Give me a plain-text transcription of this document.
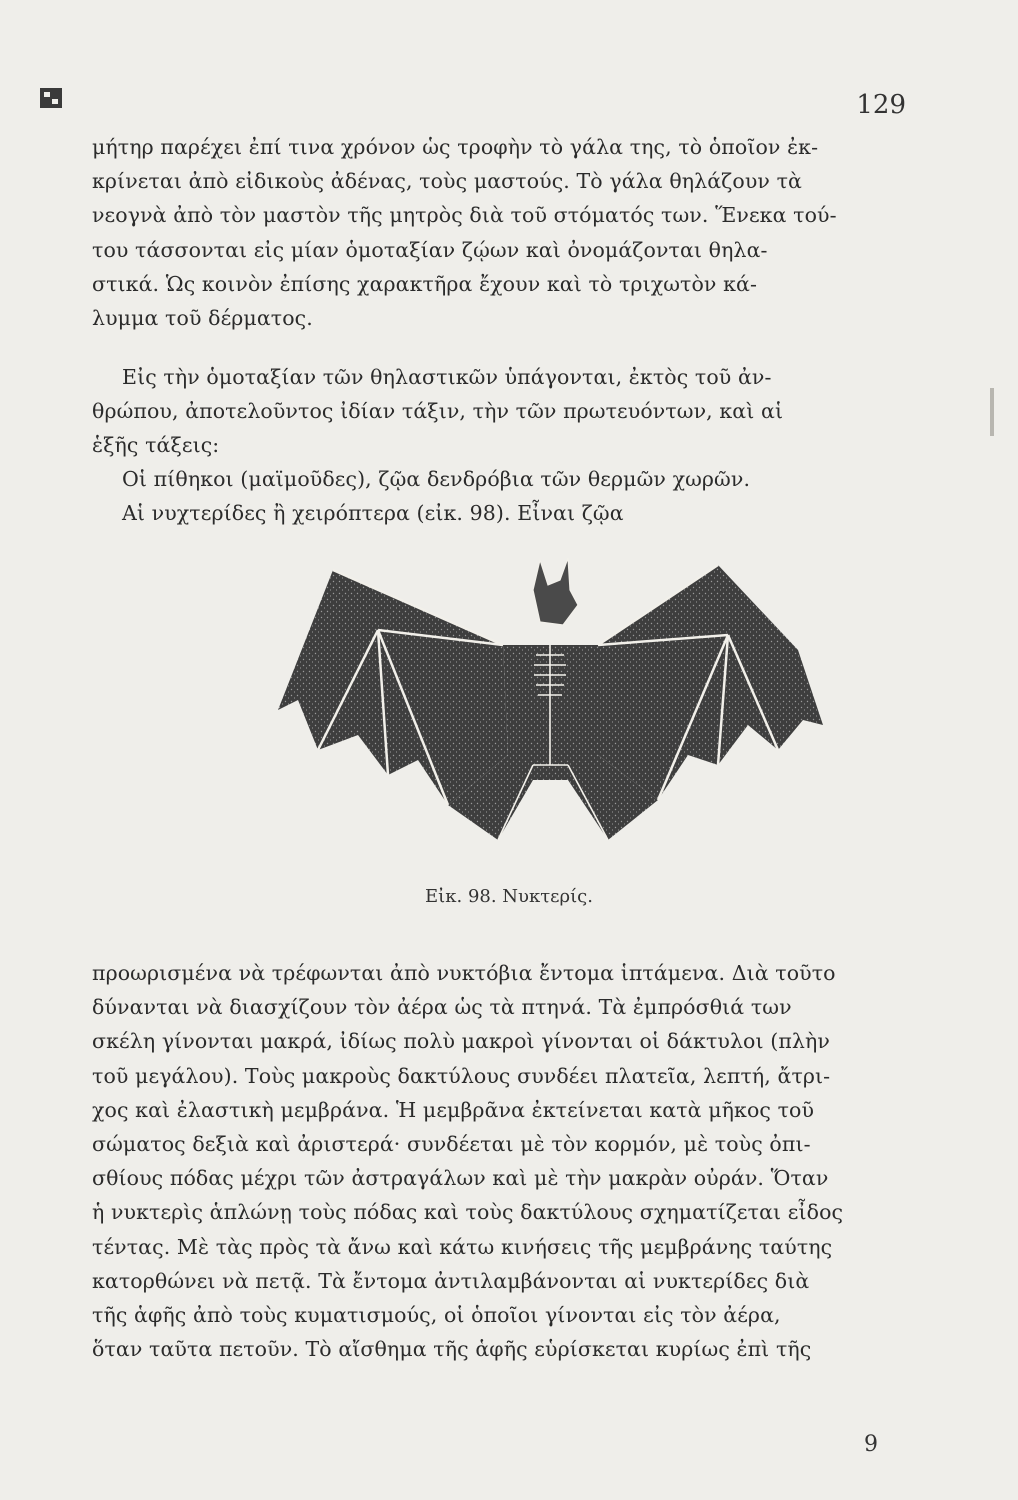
129
μήτηρ παρέχει ἐπί τινα χρόνον ὡς τροφὴν τὸ γάλα της, τὸ ὁποῖον ἐκ-
κρίνεται ἀπὸ εἰδικοὺς ἀδένας, τοὺς μαστούς. Τὸ γάλα θηλάζουν τὰ
νεογνὰ ἀπὸ τὸν μαστὸν τῆς μητρὸς διὰ τοῦ στόματός των. Ἕνεκα τού-
του τάσσονται εἰς μίαν ὁμοταξίαν ζῴων καὶ ὀνομάζονται θηλα-
στικά. Ὡς κοινὸν ἐπίσης χαρακτῆρα ἔχουν καὶ τὸ τριχωτὸν κά-
λυμμα τοῦ δέρματος.
Εἰς τὴν ὁμοταξίαν τῶν θηλαστικῶν ὑπάγονται, ἐκτὸς τοῦ ἀν-
θρώπου, ἀποτελοῦντος ἰδίαν τάξιν, τὴν τῶν πρωτευόντων, καὶ αἱ
ἑξῆς τάξεις:
Οἱ πίθηκοι (μαϊμοῦδες), ζῷα δενδρόβια τῶν θερμῶν χωρῶν.
Αἱ νυχτερίδες ἢ χειρόπτερα (εἰκ. 98). Εἶναι ζῷα
Εἰκ. 98. Νυκτερίς.
προωρισμένα νὰ τρέφωνται ἀπὸ νυκτόβια ἔντομα ἱπτάμενα. Διὰ τοῦτο
δύνανται νὰ διασχίζουν τὸν ἀέρα ὡς τὰ πτηνά. Τὰ ἐμπρόσθιά των
σκέλη γίνονται μακρά, ἰδίως πολὺ μακροὶ γίνονται οἱ δάκτυλοι (πλὴν
τοῦ μεγάλου). Τοὺς μακροὺς δακτύλους συνδέει πλατεῖα, λεπτή, ἄτρι-
χος καὶ ἐλαστικὴ μεμβράνα. Ἡ μεμβρᾶνα ἐκτείνεται κατὰ μῆκος τοῦ
σώματος δεξιὰ καὶ ἀριστερά· συνδέεται μὲ τὸν κορμόν, μὲ τοὺς ὀπι-
σθίους πόδας μέχρι τῶν ἀστραγάλων καὶ μὲ τὴν μακρὰν οὐράν. Ὅταν
ἡ νυκτερὶς ἁπλώνῃ τοὺς πόδας καὶ τοὺς δακτύλους σχηματίζεται εἶδος
τέντας. Μὲ τὰς πρὸς τὰ ἄνω καὶ κάτω κινήσεις τῆς μεμβράνης ταύτης
κατορθώνει νὰ πετᾷ. Τὰ ἔντομα ἀντιλαμβάνονται αἱ νυκτερίδες διὰ
τῆς ἁφῆς ἀπὸ τοὺς κυματισμούς, οἱ ὁποῖοι γίνονται εἰς τὸν ἀέρα,
ὅταν ταῦτα πετοῦν. Τὸ αἴσθημα τῆς ἁφῆς εὑρίσκεται κυρίως ἐπὶ τῆς
9
